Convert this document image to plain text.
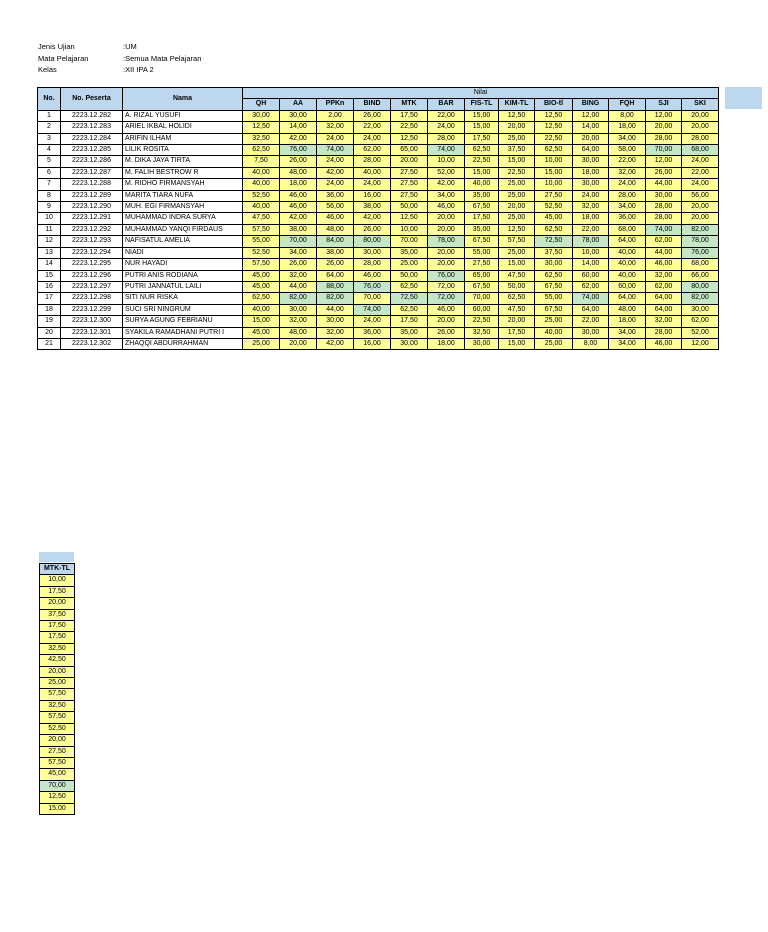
Jenis Ujian	:UM
Mata Pelajaran	:Semua Mata Pelajaran
Kelas	:XII IPA 2
No.	No. Peserta	Nama	Nilai												
			QH	AA	PPKn	BIND	MTK	BAR	FIS-TL	KIM-TL	BIO-tl	BING	FQH	SJI	SKI
1	2223.12.282	A. RIZAL YUSUFI	30,00	30,00	2,00	26,00	17,50	22,00	15,00	12,50	12,50	12,00	8,00	12,00	20,00
2	2223.12.283	ARIEL IKBAL HOLIDI	12,50	14,00	32,00	22,00	22,50	24,00	15,00	20,00	12,50	14,00	18,00	20,00	20,00
3	2223.12.284	ARIFIN ILHAM	32,50	42,00	24,00	24,00	12,50	28,00	17,50	25,00	22,50	20,00	34,00	28,00	28,00
4	2223.12.285	LILIK ROSITA	62,50	76,00	74,00	62,00	65,00	74,00	62,50	37,50	62,50	64,00	58,00	70,00	68,00
5	2223.12.286	M. DIKA JAYA TIRTA	7,50	26,00	24,00	28,00	20,00	10,00	22,50	15,00	10,00	30,00	22,00	12,00	24,00
6	2223.12.287	M. FALIH BESTROW R	40,00	48,00	42,00	40,00	27,50	52,00	15,00	22,50	15,00	18,00	32,00	26,00	22,00
7	2223.12.288	M. RIDHO FIRMANSYAH	40,00	18,00	24,00	24,00	27,50	42,00	40,00	25,00	10,00	30,00	24,00	44,00	24,00
8	2223.12.289	MARITA TIARA NUFA	52,50	46,00	36,00	16,00	27,50	34,00	35,00	25,00	27,50	24,00	28,00	30,00	56,00
9	2223.12.290	MUH. EGI FIRMANSYAH	40,00	46,00	56,00	38,00	50,00	46,00	67,50	20,00	52,50	32,00	34,00	28,00	20,00
10	2223.12.291	MUHAMMAD INDRA SURYA	47,50	42,00	46,00	42,00	12,50	20,00	17,50	25,00	45,00	18,00	36,00	28,00	20,00
11	2223.12.292	MUHAMMAD YANQI FIRDAUS	57,50	38,00	48,00	26,00	10,00	20,00	35,00	12,50	62,50	22,00	68,00	74,00	82,00
12	2223.12.293	NAFISATUL AMELIA	55,00	70,00	84,00	80,00	70,00	78,00	67,50	57,50	72,50	78,00	64,00	62,00	78,00
13	2223.12.294	NIADI	52,50	34,00	38,00	30,00	35,00	20,00	55,00	25,00	37,50	10,00	40,00	44,00	76,00
14	2223.12.295	NUR HAYADI	57,50	26,00	26,00	28,00	25,00	20,00	27,50	15,00	30,00	14,00	40,00	46,00	68,00
15	2223.12.296	PUTRI ANIS RODIANA	45,00	32,00	64,00	46,00	50,00	76,00	65,00	47,50	62,50	60,00	40,00	32,00	66,00
16	2223.12.297	PUTRI JANNATUL LAILI	45,00	44,00	88,00	76,00	62,50	72,00	67,50	50,00	67,50	62,00	60,00	62,00	80,00
17	2223.12.298	SITI NUR RISKA	62,50	82,00	82,00	70,00	72,50	72,00	70,00	62,50	55,00	74,00	64,00	64,00	82,00
18	2223.12.299	SUCI SRI NINGRUM	40,00	30,00	44,00	74,00	62,50	46,00	60,00	47,50	67,50	64,00	48,00	64,00	30,00
19	2223.12.300	SURYA AGUNG FEBRIANU	15,00	32,00	30,00	24,00	17,50	20,00	22,50	20,00	25,00	22,00	18,00	32,00	62,00
20	2223.12.301	SYAKILA RAMADHANI PUTRI I	45,00	48,00	32,00	36,00	35,00	26,00	32,50	17,50	40,00	30,00	34,00	28,00	52,00
21	2223.12.302	ZHAQQI ABDURRAHMAN	25,00	20,00	42,00	16,00	30,00	18,00	30,00	15,00	25,00	8,00	34,00	46,00	12,00
MTK-TL
10,00
17,50
20,00
37,50
17,50
17,50
32,50
42,50
20,00
25,00
57,50
32,50
57,50
52,50
20,00
27,50
57,50
45,00
70,00
12,50
15,00
